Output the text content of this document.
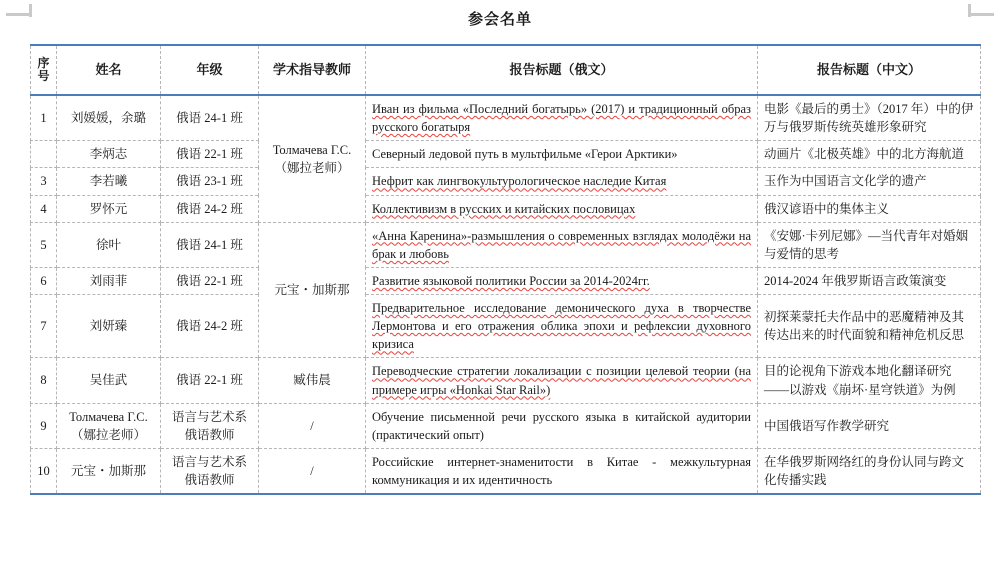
参会名单
序号	姓名	年级	学术指导教师	报告标题（俄文）	报告标题（中文）
1	刘媛媛，余璐	俄语 24-1 班	Толмачева Г.С.（娜拉老师）	Иван из фильма «Последний богатырь» (2017) и традиционный образ русского богатыря	电影《最后的勇士》（2017 年）中的伊万与俄罗斯传统英雄形象研究
	李炳志	俄语 22-1 班		Северный ледовой путь в мультфильме «Герои Арктики»	动画片《北极英雄》中的北方海航道
3	李若曦	俄语 23-1 班		Нефрит как лингвокультурологическое наследие Китая	玉作为中国语言文化学的遗产
4	罗怀元	俄语 24-2 班		Коллективизм в русских и китайских пословицах	俄汉谚语中的集体主义
5	徐叶	俄语 24-1 班	元宝・加斯那	«Анна Каренина»-размышления о современных взглядах молодёжи на брак и любовь	《安娜·卡列尼娜》—当代青年对婚姻与爱情的思考
6	刘雨菲	俄语 22-1 班		Развитие языковой политики России за 2014-2024гг.	2014-2024 年俄罗斯语言政策演变
7	刘妍臻	俄语 24-2 班		Предварительное исследование демонического духа в творчестве Лермонтова и его отражения облика эпохи и рефлексии духовного кризиса	初探莱蒙托夫作品中的恶魔精神及其传达出来的时代面貌和精神危机反思
8	吴佳武	俄语 22-1 班	臧伟晨	Переводческие стратегии локализации с позиции целевой теории (на примере игры «Honkai Star Rail»)	目的论视角下游戏本地化翻译研究——以游戏《崩坏·星穹铁道》为例
9	Толмачева Г.С.（娜拉老师）	语言与艺术系俄语教师	/	Обучение письменной речи русского языка в китайской аудитории (практический опыт)	中国俄语写作教学研究
10	元宝・加斯那	语言与艺术系俄语教师	/	Российские интернет-знаменитости в Китае - межкультурная коммуникация и их идентичность	在华俄罗斯网络红的身份认同与跨文化传播实践
